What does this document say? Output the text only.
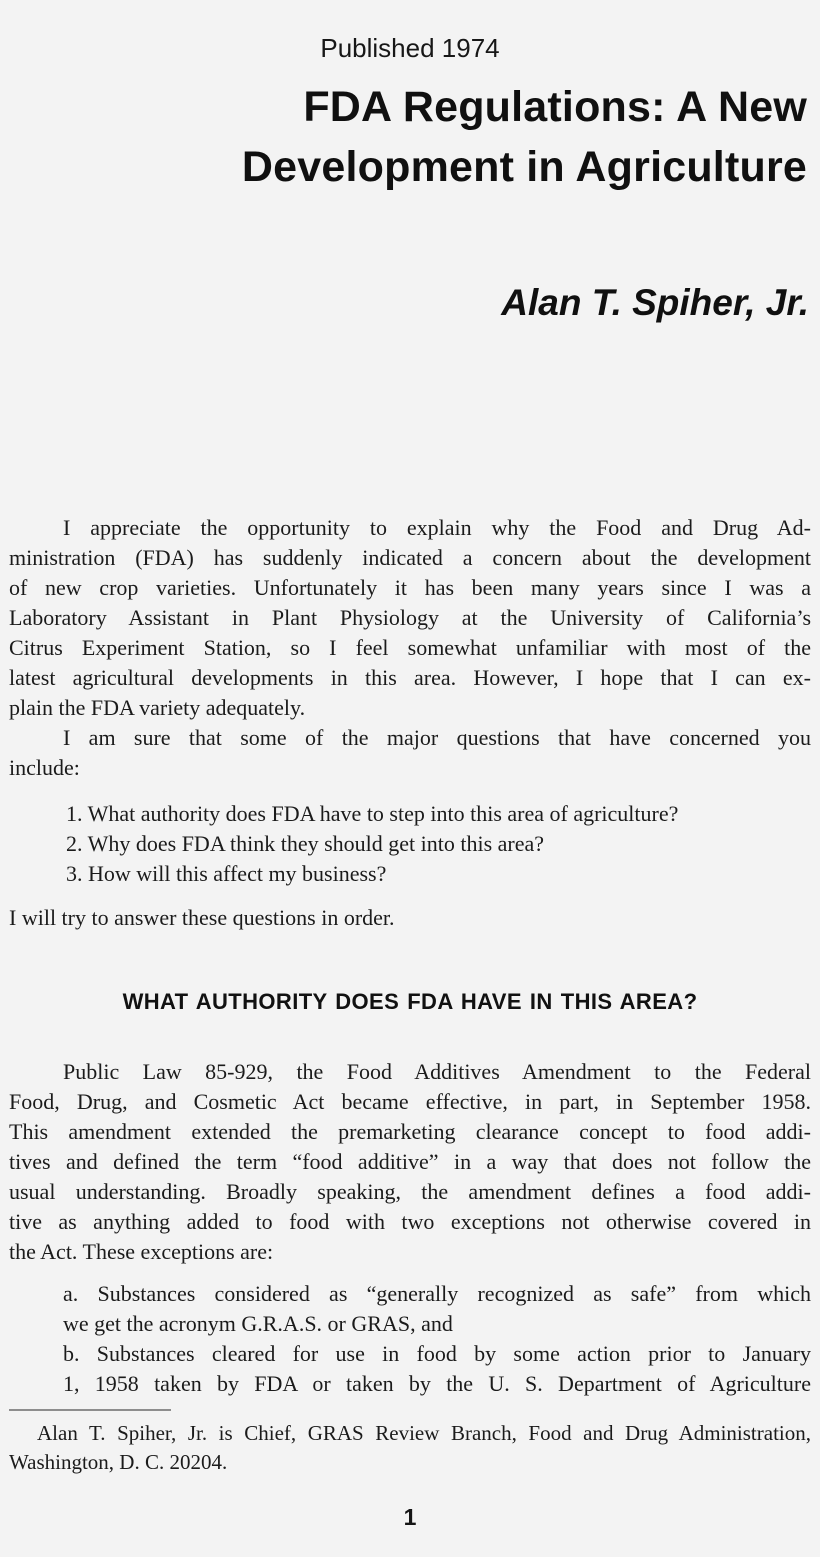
Published 1974
FDA Regulations: A New
Development in Agriculture
Alan T. Spiher, Jr.
I appreciate the opportunity to explain why the Food and Drug Ad-
ministration (FDA) has suddenly indicated a concern about the development
of new crop varieties. Unfortunately it has been many years since I was a
Laboratory Assistant in Plant Physiology at the University of California’s
Citrus Experiment Station, so I feel somewhat unfamiliar with most of the
latest agricultural developments in this area. However, I hope that I can ex-
plain the FDA variety adequately.
I am sure that some of the major questions that have concerned you
include:
1. What authority does FDA have to step into this area of agriculture?
2. Why does FDA think they should get into this area?
3. How will this affect my business?
I will try to answer these questions in order.
WHAT AUTHORITY DOES FDA HAVE IN THIS AREA?
Public Law 85-929, the Food Additives Amendment to the Federal
Food, Drug, and Cosmetic Act became effective, in part, in September 1958.
This amendment extended the premarketing clearance concept to food addi-
tives and defined the term “food additive” in a way that does not follow the
usual understanding. Broadly speaking, the amendment defines a food addi-
tive as anything added to food with two exceptions not otherwise covered in
the Act. These exceptions are:
a. Substances considered as “generally recognized as safe” from which
we get the acronym G.R.A.S. or GRAS, and
b. Substances cleared for use in food by some action prior to January
1, 1958 taken by FDA or taken by the U. S. Department of Agriculture
Alan T. Spiher, Jr. is Chief, GRAS Review Branch, Food and Drug Administration,
Washington, D. C. 20204.
1
